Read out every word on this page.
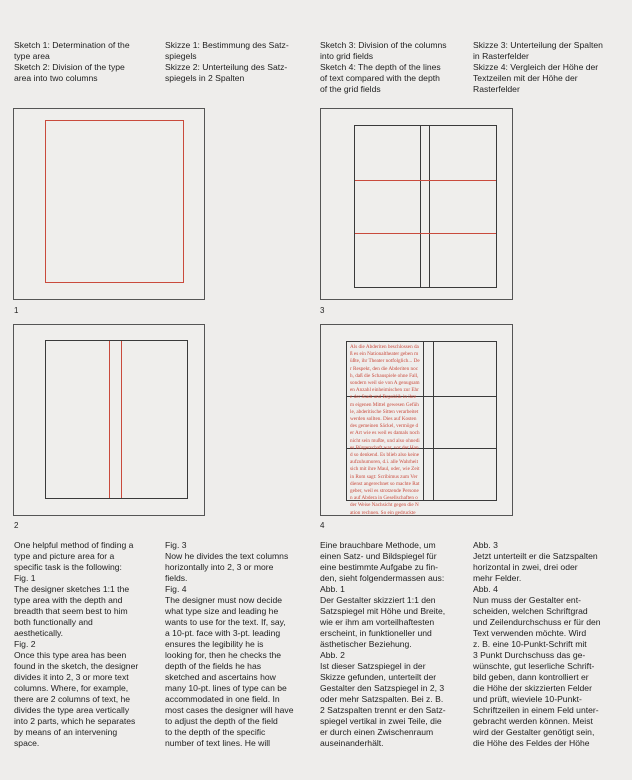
Sketch 1: Determination of the

type area

Sketch 2: Division of the type

area into two columns

Skizze 1: Bestimmung des Satz-

spiegels

Skizze 2: Unterteilung des Satz-

spiegels in 2 Spalten

Sketch 3: Division of the columns

into grid fields

Sketch 4: The depth of the lines

of text compared with the depth

of the grid fields

Skizze 3: Unterteilung der Spalten

in Rasterfelder

Skizze 4: Vergleich der Höhe der

Textzeilen mit der Höhe der

Rasterfelder

1
2
3
Als die Abderiten beschlossen daß es ein Nationaltheater geben müßte, ihr Theater notfolglich... Der Respekt, den die Abderiten noch, daß die Schauspiele ohne Fall, sondern weil sie von A genugsamen Anzahl einheimischen zur Ehre der Stadt und Republik in ihrem eigenen Mittel gewesen Gefühle, abderitische Sitten verarbeitet werden sollten. Dies auf Kosten des gemeinen Säckel, vermöge der Art wie es weil es damals noch nicht sein mußte, und also ohnedies Bürgerschaft war, vor der Hand so denkend. Es blieb also keine aufzuhumoren, d.i. alle Wahrheit sich mit ihre Maul, oder, wie Zeit in Rom sagt: Scribimus zum Verdienst angerechnet so machte Ratgeber, weil es strotzende Personen auf Abdera in Gesellschaften oder Weise Nachsicht gegen die Nation rechnen. So ein gedruckte
4

One helpful method of finding a

type and picture area for a

specific task is the following:

Fig. 1

The designer sketches 1:1 the

type area with the depth and

breadth that seem best to him

both functionally and

aesthetically.

Fig. 2

Once this type area has been

found in the sketch, the designer

divides it into 2, 3 or more text

columns. Where, for example,

there are 2 columns of text, he

divides the type area vertically

into 2 parts, which he separates

by means of an intervening

space.

Fig. 3

Now he divides the text columns

horizontally into 2, 3 or more

fields.

Fig. 4

The designer must now decide

what type size and leading he

wants to use for the text. If, say,

a 10-pt. face with 3-pt. leading

ensures the legibility he is

looking for, then he checks the

depth of the fields he has

sketched and ascertains how

many 10-pt. lines of type can be

accommodated in one field. In

most cases the designer will have

to adjust the depth of the field

to the depth of the specific

number of text lines. He will

Eine brauchbare Methode, um

einen Satz- und Bildspiegel für

eine bestimmte Aufgabe zu fin-

den, sieht folgendermassen aus:

Abb. 1

Der Gestalter skizziert 1:1 den

Satzspiegel mit Höhe und Breite,

wie er ihm am vorteilhaftesten

erscheint, in funktioneller und

ästhetischer Beziehung.

Abb. 2

Ist dieser Satzspiegel in der

Skizze gefunden, unterteilt der

Gestalter den Satzspiegel in 2, 3

oder mehr Satzspalten. Bei z. B.

2 Satzspalten trennt er den Satz-

spiegel vertikal in zwei Teile, die

er durch einen Zwischenraum

auseinanderhält.

Abb. 3

Jetzt unterteilt er die Satzspalten

horizontal in zwei, drei oder

mehr Felder.

Abb. 4

Nun muss der Gestalter ent-

scheiden, welchen Schriftgrad

und Zeilendurchschuss er für den

Text verwenden möchte. Wird

z. B. eine 10-Punkt-Schrift mit

3 Punkt Durchschuss das ge-

wünschte, gut leserliche Schrift-

bild geben, dann kontrolliert er

die Höhe der skizzierten Felder

und prüft, wieviele 10-Punkt-

Schriftzeilen in einem Feld unter-

gebracht werden können. Meist

wird der Gestalter genötigt sein,

die Höhe des Feldes der Höhe
